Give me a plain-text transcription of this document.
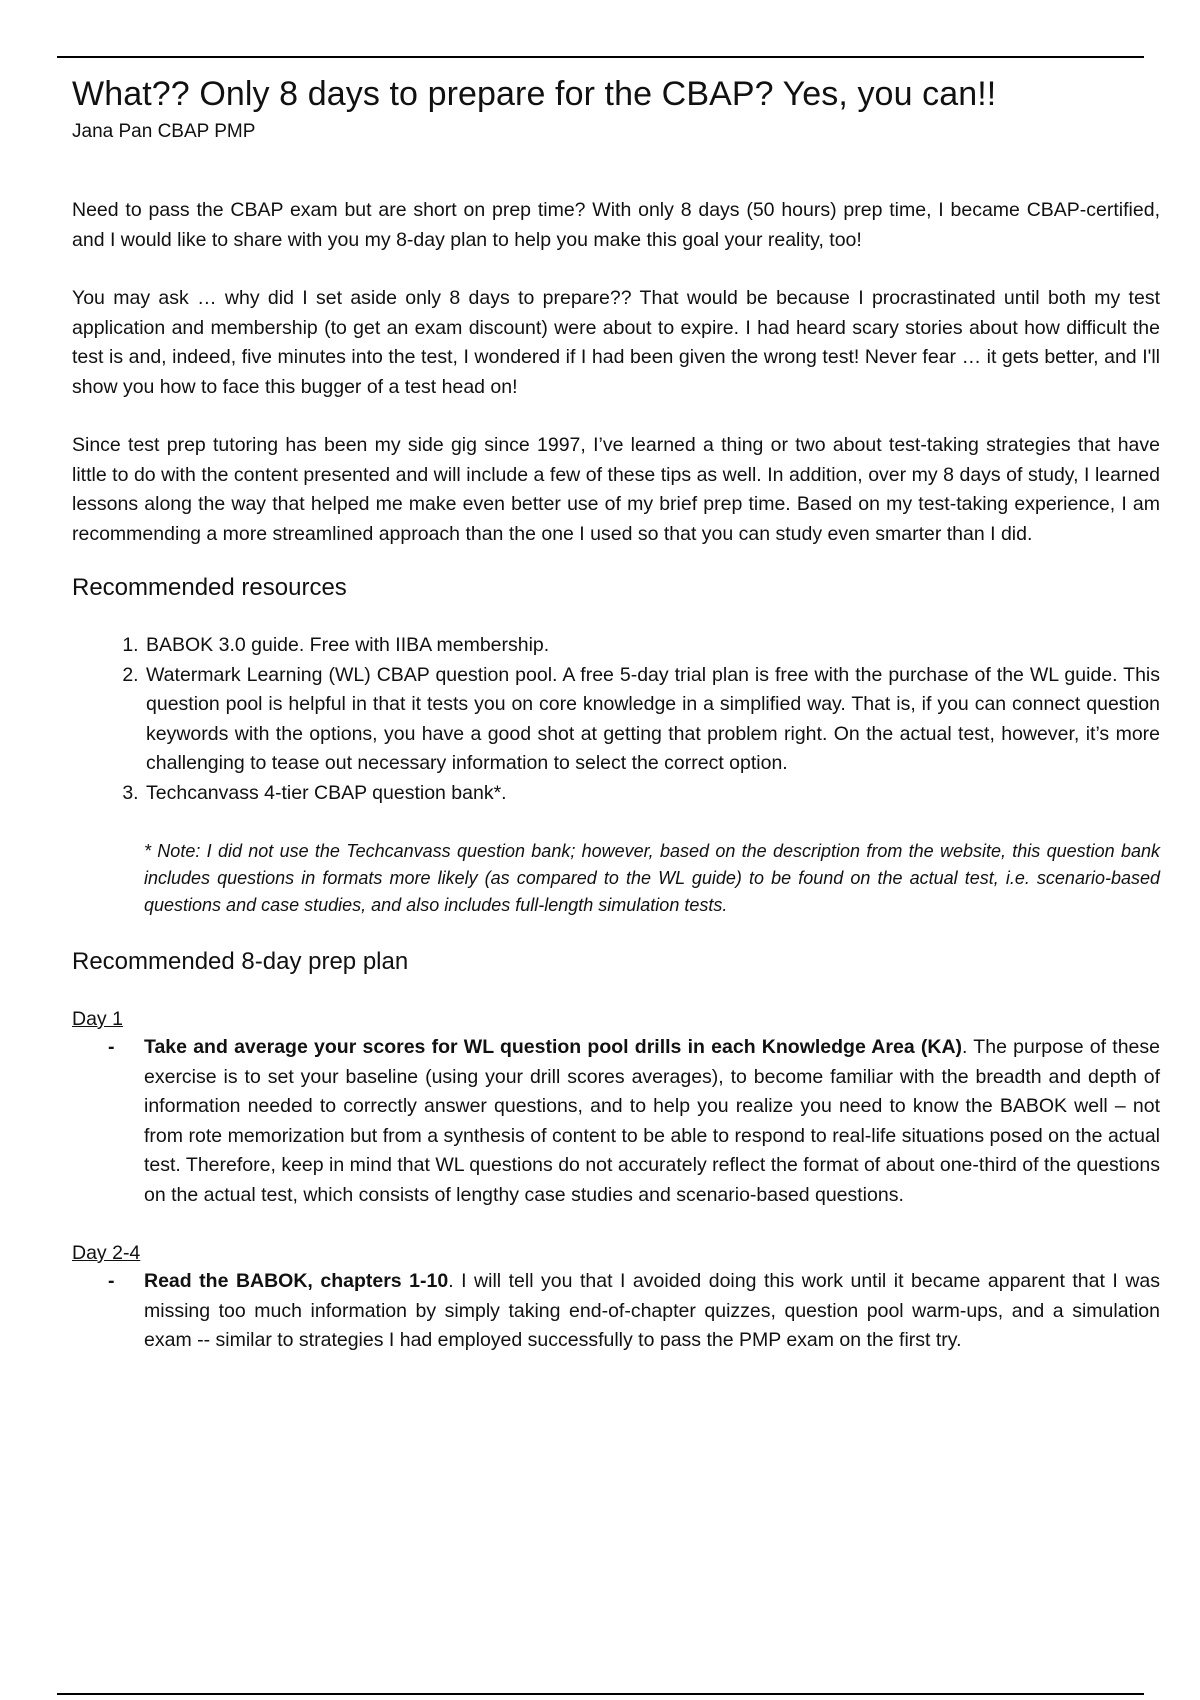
What?? Only 8 days to prepare for the CBAP? Yes, you can!!
Jana Pan CBAP PMP

Need to pass the CBAP exam but are short on prep time? With only 8 days (50 hours) prep time, I became CBAP-certified, and I would like to share with you my 8-day plan to help you make this goal your reality, too!

You may ask … why did I set aside only 8 days to prepare?? That would be because I procrastinated until both my test application and membership (to get an exam discount) were about to expire. I had heard scary stories about how difficult the test is and, indeed, five minutes into the test, I wondered if I had been given the wrong test! Never fear … it gets better, and I'll show you how to face this bugger of a test head on!

Since test prep tutoring has been my side gig since 1997, I’ve learned a thing or two about test-taking strategies that have little to do with the content presented and will include a few of these tips as well. In addition, over my 8 days of study, I learned lessons along the way that helped me make even better use of my brief prep time. Based on my test-taking experience, I am recommending a more streamlined approach than the one I used so that you can study even smarter than I did.

Recommended resources
1. BABOK 3.0 guide. Free with IIBA membership.
2. Watermark Learning (WL) CBAP question pool. A free 5-day trial plan is free with the purchase of the WL guide. This question pool is helpful in that it tests you on core knowledge in a simplified way. That is, if you can connect question keywords with the options, you have a good shot at getting that problem right. On the actual test, however, it’s more challenging to tease out necessary information to select the correct option.
3. Techcanvass 4-tier CBAP question bank*.
* Note: I did not use the Techcanvass question bank; however, based on the description from the website, this question bank includes questions in formats more likely (as compared to the WL guide) to be found on the actual test, i.e. scenario-based questions and case studies, and also includes full-length simulation tests.
Recommended 8-day prep plan
Day 1
- Take and average your scores for WL question pool drills in each Knowledge Area (KA). The purpose of these exercise is to set your baseline (using your drill scores averages), to become familiar with the breadth and depth of information needed to correctly answer questions, and to help you realize you need to know the BABOK well – not from rote memorization but from a synthesis of content to be able to respond to real-life situations posed on the actual test. Therefore, keep in mind that WL questions do not accurately reflect the format of about one-third of the questions on the actual test, which consists of lengthy case studies and scenario-based questions.
Day 2-4
- Read the BABOK, chapters 1-10. I will tell you that I avoided doing this work until it became apparent that I was missing too much information by simply taking end-of-chapter quizzes, question pool warm-ups, and a simulation exam -- similar to strategies I had employed successfully to pass the PMP exam on the first try.
